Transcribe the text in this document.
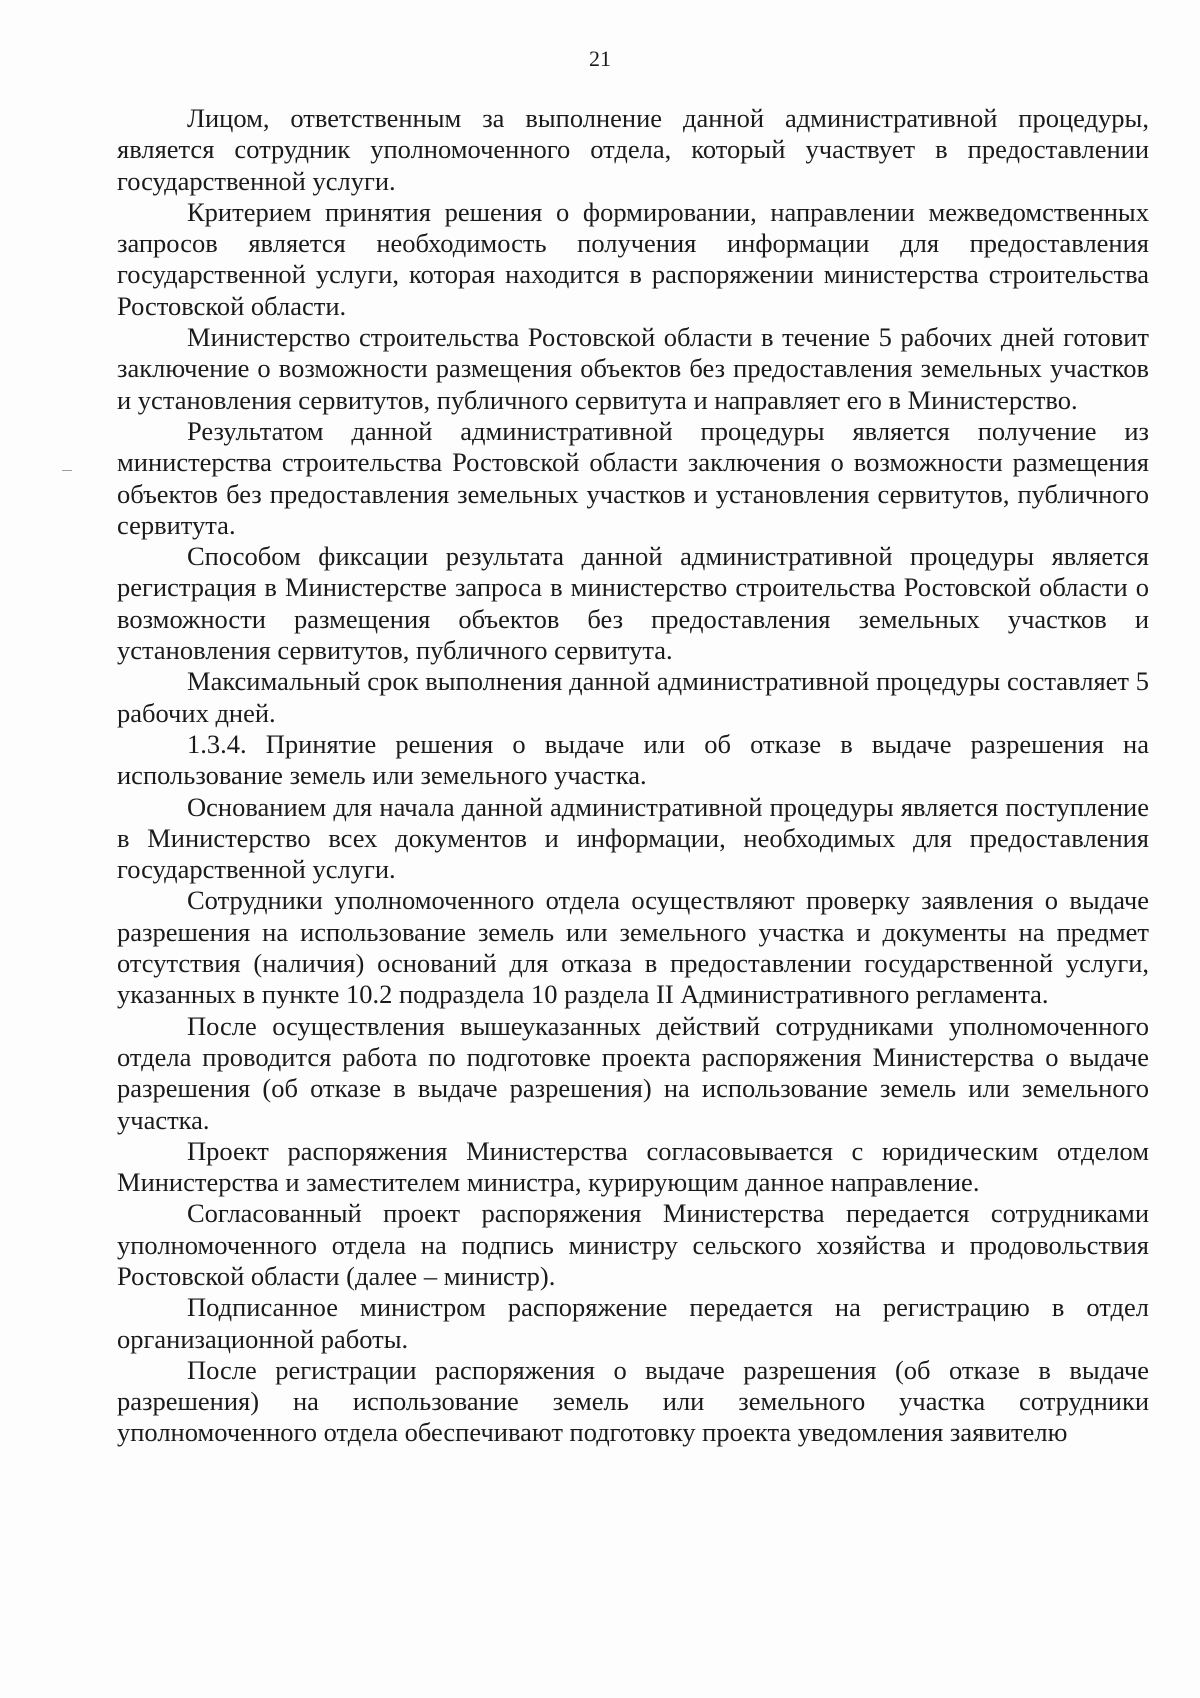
21

Лицом, ответственным за выполнение данной административной процедуры, является сотрудник уполномоченного отдела, который участвует в предоставлении государственной услуги.

Критерием принятия решения о формировании, направлении межведомственных запросов является необходимость получения информации для предоставления государственной услуги, которая находится в распоряжении министерства строительства Ростовской области.

Министерство строительства Ростовской области в течение 5 рабочих дней готовит заключение о возможности размещения объектов без предоставления земельных участков и установления сервитутов, публичного сервитута и направляет его в Министерство.

Результатом данной административной процедуры является получение из министерства строительства Ростовской области заключения о возможности размещения объектов без предоставления земельных участков и установления сервитутов, публичного сервитута.

Способом фиксации результата данной административной процедуры является регистрация в Министерстве запроса в министерство строительства Ростовской области о возможности размещения объектов без предоставления земельных участков и установления сервитутов, публичного сервитута.

Максимальный срок выполнения данной административной процедуры составляет 5 рабочих дней.

1.3.4. Принятие решения о выдаче или об отказе в выдаче разрешения на использование земель или земельного участка.

Основанием для начала данной административной процедуры является поступление в Министерство всех документов и информации, необходимых для предоставления государственной услуги.

Сотрудники уполномоченного отдела осуществляют проверку заявления о выдаче разрешения на использование земель или земельного участка и документы на предмет отсутствия (наличия) оснований для отказа в предоставлении государственной услуги, указанных в пункте 10.2 подраздела 10 раздела II Административного регламента.

После осуществления вышеуказанных действий сотрудниками уполномоченного отдела проводится работа по подготовке проекта распоряжения Министерства о выдаче разрешения (об отказе в выдаче разрешения) на использование земель или земельного участка.

Проект распоряжения Министерства согласовывается с юридическим отделом Министерства и заместителем министра, курирующим данное направление.

Согласованный проект распоряжения Министерства передается сотрудниками уполномоченного отдела на подпись министру сельского хозяйства и продовольствия Ростовской области (далее – министр).

Подписанное министром распоряжение передается на регистрацию в отдел организационной работы.

После регистрации распоряжения о выдаче разрешения (об отказе в выдаче разрешения) на использование земель или земельного участка сотрудники уполномоченного отдела обеспечивают подготовку проекта уведомления заявителю
